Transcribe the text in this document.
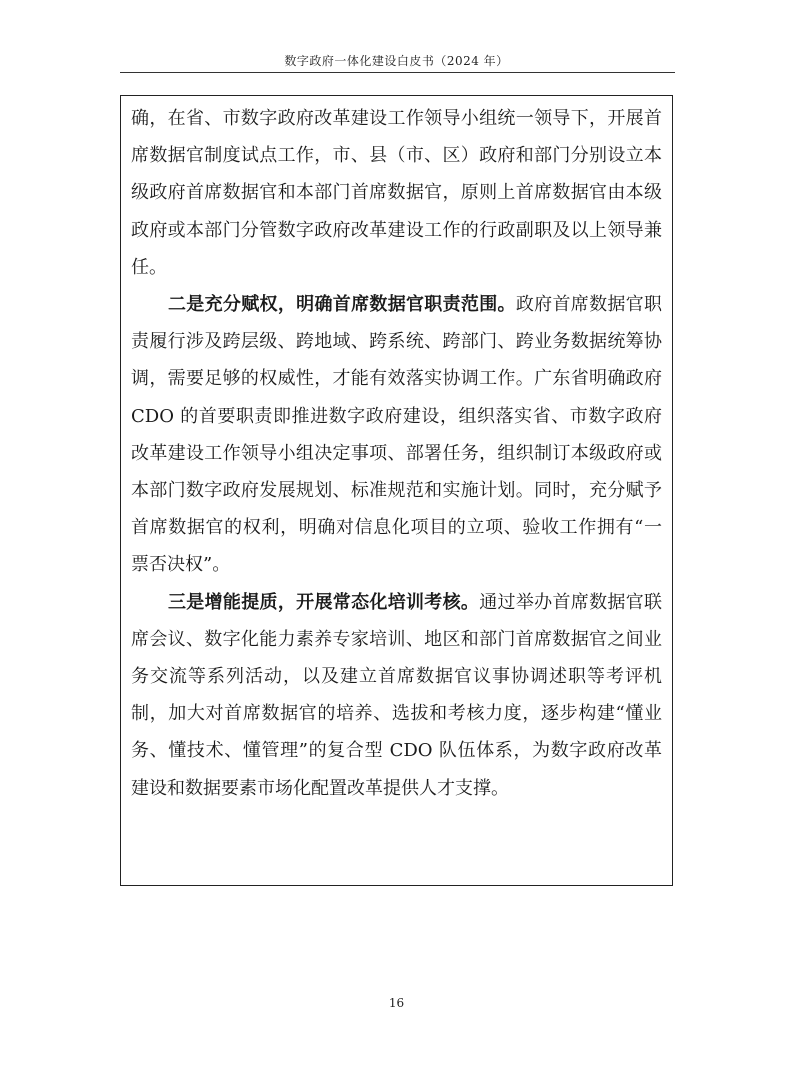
数字政府一体化建设白皮书（2024 年）

确，在省、市数字政府改革建设工作领导小组统一领导下，开展首席数据官制度试点工作，市、县（市、区）政府和部门分别设立本级政府首席数据官和本部门首席数据官，原则上首席数据官由本级政府或本部门分管数字政府改革建设工作的行政副职及以上领导兼任。

二是充分赋权，明确首席数据官职责范围。政府首席数据官职责履行涉及跨层级、跨地域、跨系统、跨部门、跨业务数据统筹协调，需要足够的权威性，才能有效落实协调工作。广东省明确政府 CDO 的首要职责即推进数字政府建设，组织落实省、市数字政府改革建设工作领导小组决定事项、部署任务，组织制订本级政府或本部门数字政府发展规划、标准规范和实施计划。同时，充分赋予首席数据官的权利，明确对信息化项目的立项、验收工作拥有“一票否决权”。

三是增能提质，开展常态化培训考核。通过举办首席数据官联席会议、数字化能力素养专家培训、地区和部门首席数据官之间业务交流等系列活动，以及建立首席数据官议事协调述职等考评机制，加大对首席数据官的培养、选拔和考核力度，逐步构建“懂业务、懂技术、懂管理”的复合型 CDO 队伍体系，为数字政府改革建设和数据要素市场化配置改革提供人才支撑。

16
